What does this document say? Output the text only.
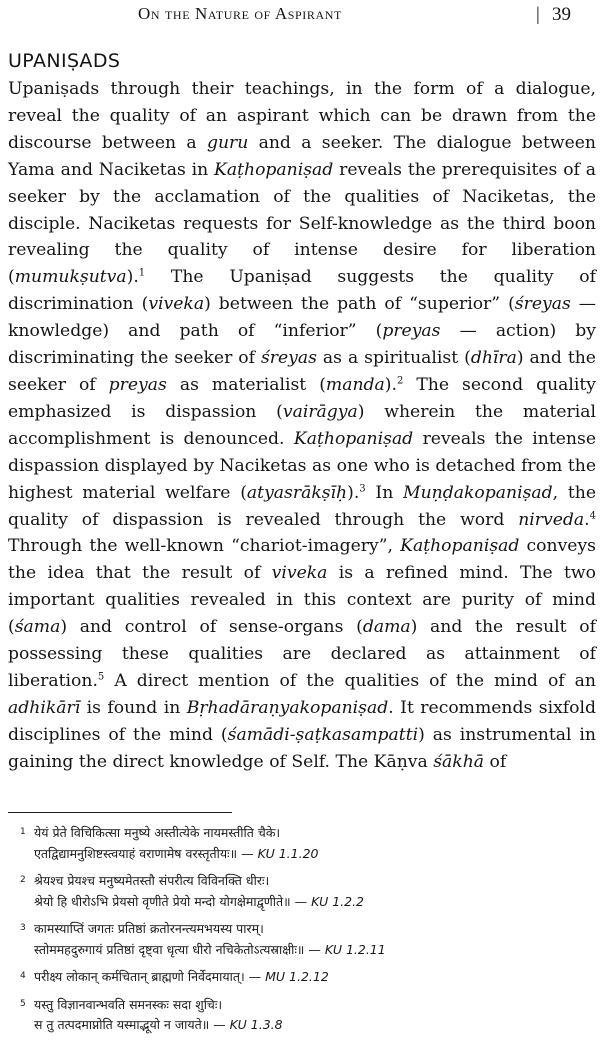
On the Nature of Aspirant	| 39
UPANIṢADS

Upaniṣads through their teachings, in the form of a dialogue, reveal the quality of an aspirant which can be drawn from the discourse between a guru and a seeker. The dialogue between Yama and Naciketas in Kaṭhopaniṣad reveals the prerequisites of a seeker by the acclamation of the qualities of Naciketas, the disciple. Naciketas requests for Self-knowledge as the third boon revealing the quality of intense desire for liberation (mumukṣutva).$^1$ The Upaniṣad suggests the quality of discrimination (viveka) between the path of “superior” (śreyas — knowledge) and path of “inferior” (preyas — action) by discriminating the seeker of śreyas as a spiritualist (dhīra) and the seeker of preyas as materialist (manda).$^2$ The second quality emphasized is dispassion (vairāgya) wherein the material accomplishment is denounced. Kaṭhopaniṣad reveals the intense dispassion displayed by Naciketas as one who is detached from the highest material welfare (atyasrākṣīḥ).$^3$ In Muṇḍakopaniṣad, the quality of dispassion is revealed through the word nirveda.$^4$ Through the well-known “chariot-imagery”, Kaṭhopaniṣad conveys the idea that the result of viveka is a refined mind. The two important qualities revealed in this context are purity of mind (śama) and control of sense-organs (dama) and the result of possessing these qualities are declared as attainment of liberation.$^5$ A direct mention of the qualities of the mind of an adhikārī is found in Bṛhadāraṇyakopaniṣad. It recommends sixfold disciplines of the mind (śamādi-ṣaṭkasampatti) as instrumental in gaining the direct knowledge of Self. The Kāṇva śākhā of

1 येयं प्रेते विचिकित्सा मनुष्ये अस्तीत्येके नायमस्तीति चैके।
एतद्विद्यामनुशिष्टस्त्वयाहं वराणामेष वरस्तृतीयः॥ — KU 1.1.20
2 श्रेयश्च प्रेयश्च मनुष्यमेतस्तौ संपरीत्य विविनक्ति धीरः।
श्रेयो हि धीरोऽभि प्रेयसो वृणीते प्रेयो मन्दो योगक्षेमाद्वृणीते॥ — KU 1.2.2
3 कामस्याप्तिं जगतः प्रतिष्ठां क्रतोरनन्त्यमभयस्य पारम्।
स्तोममहदुरुगायं प्रतिष्ठां दृष्ट्वा धृत्या धीरो नचिकेतोऽत्यस्राक्षीः॥ — KU 1.2.11
4 परीक्ष्य लोकान् कर्मचितान् ब्राह्मणो निर्वेदमायात्। — MU 1.2.12
5 यस्तु विज्ञानवान्भवति समनस्कः सदा शुचिः।
स तु तत्पदमाप्नोति यस्माद्भूयो न जायते॥ — KU 1.3.8
